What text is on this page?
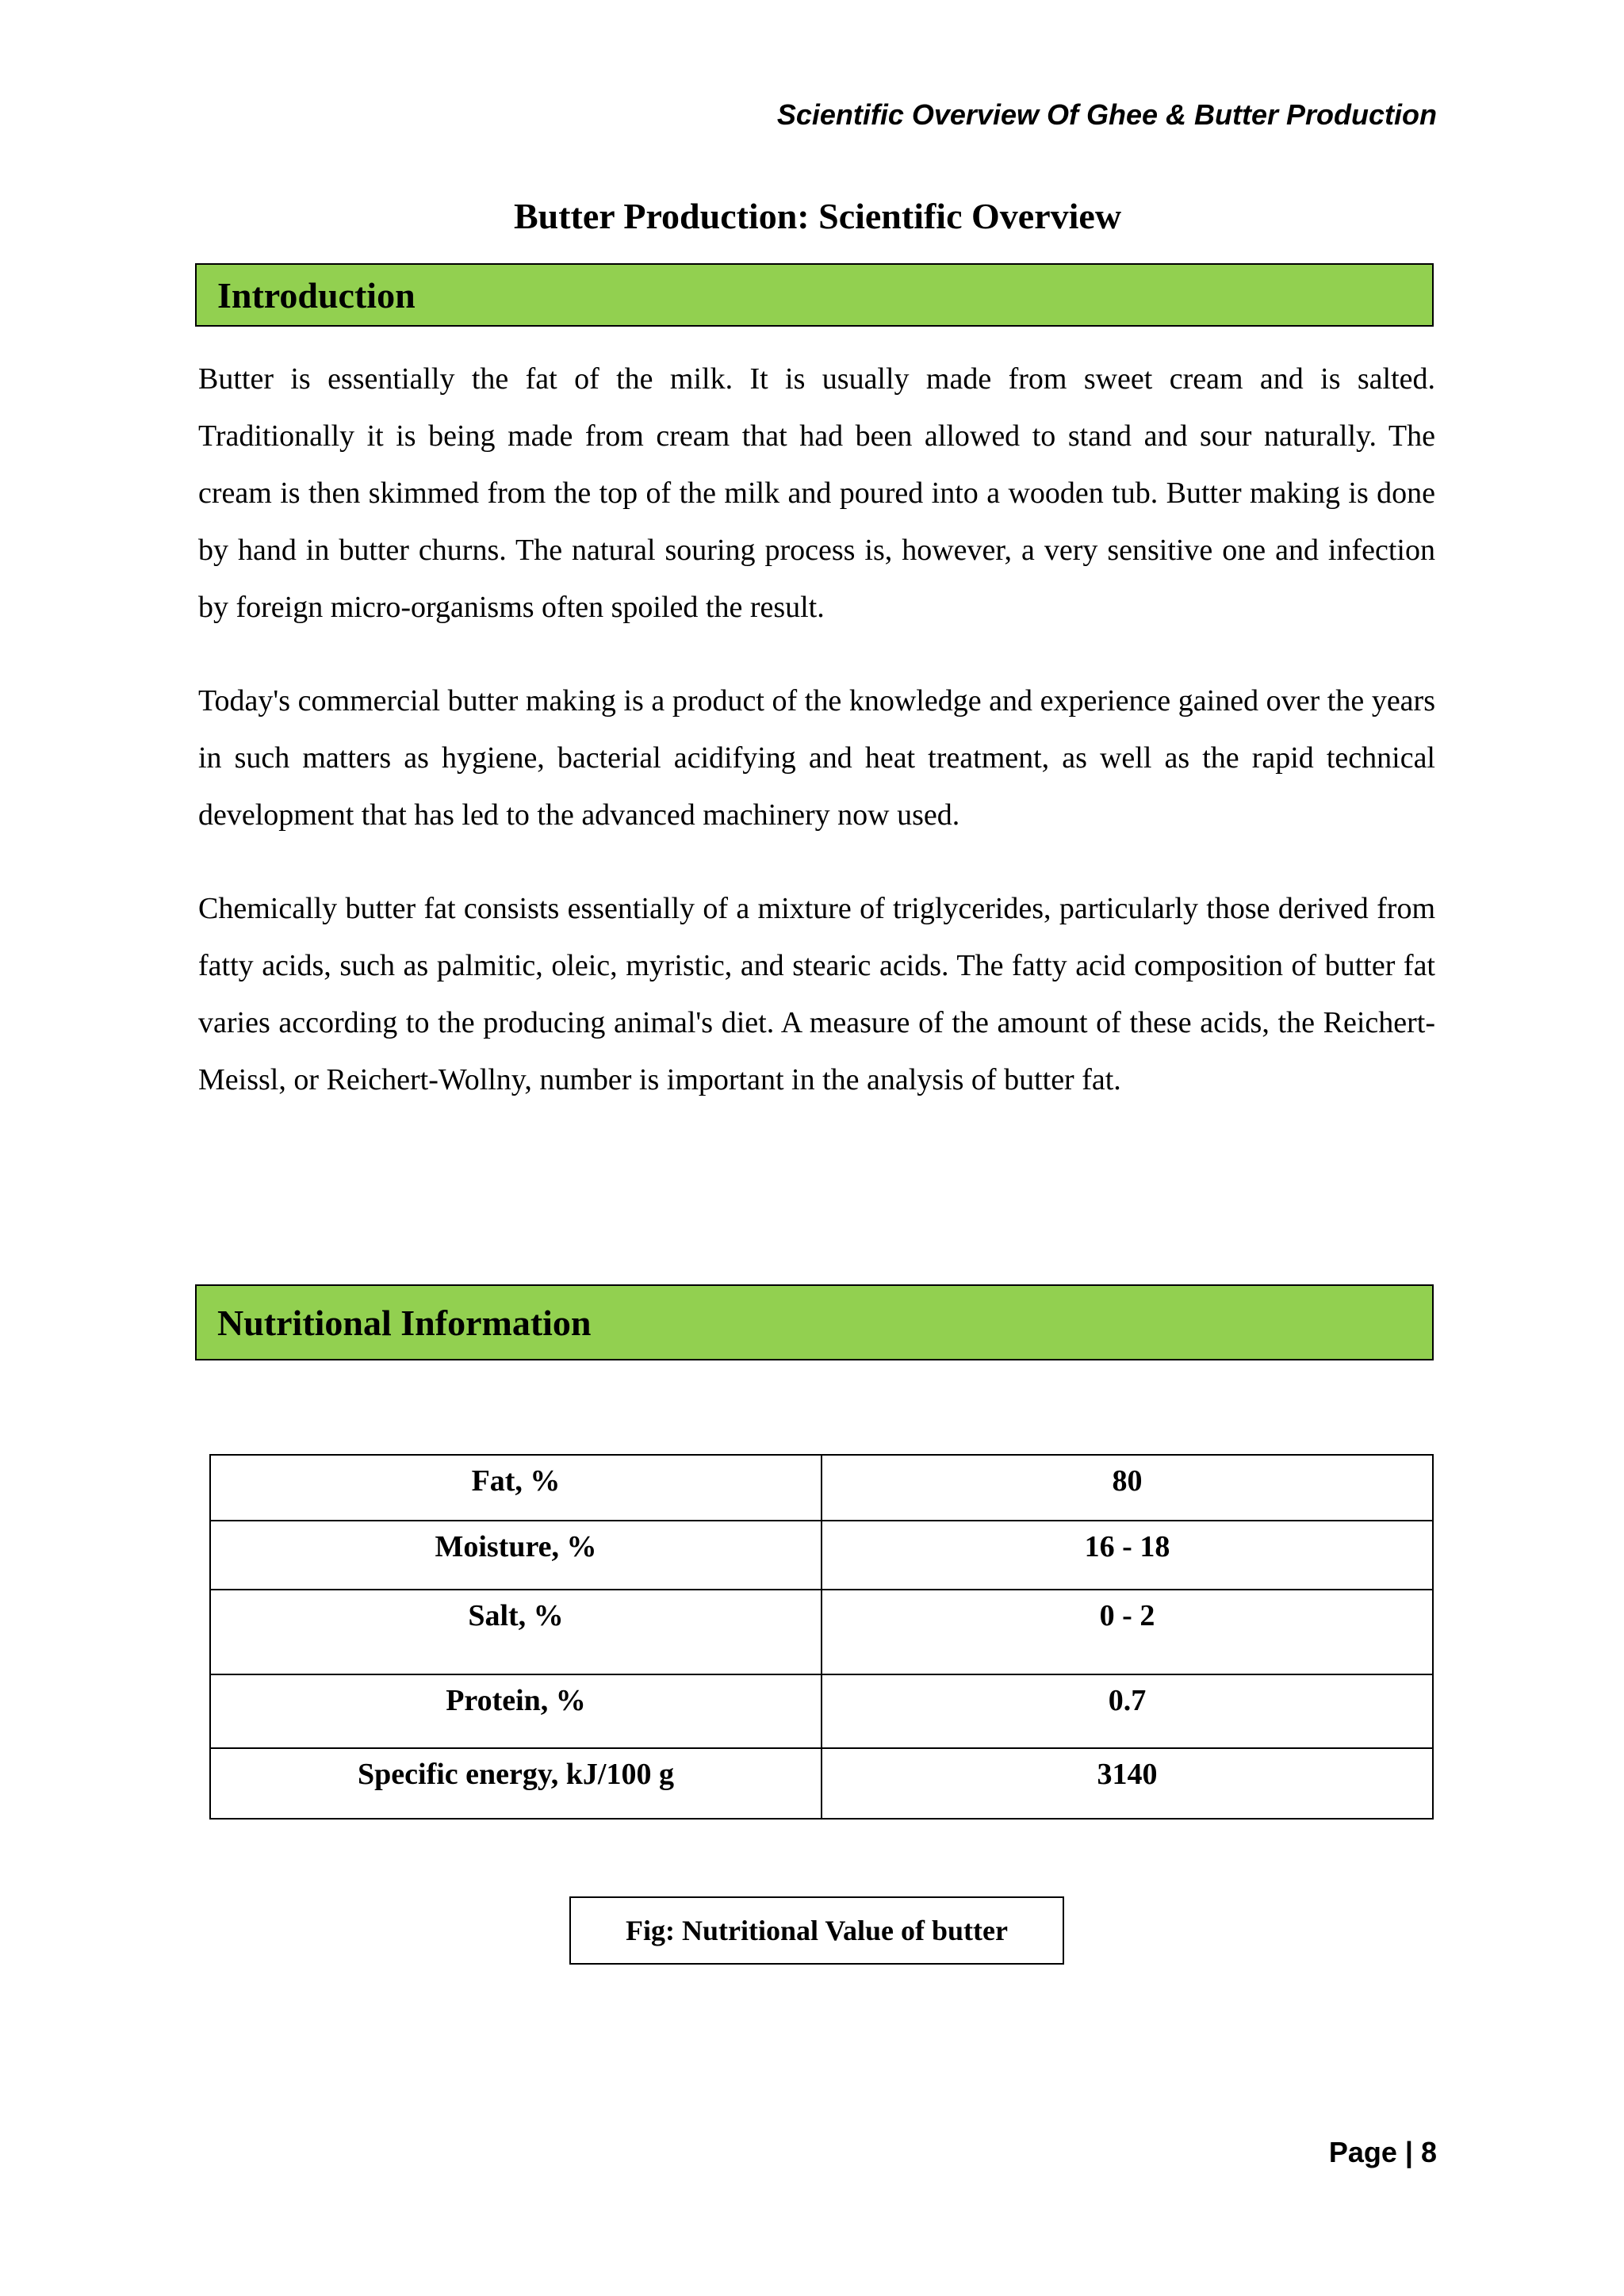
Scientific Overview Of Ghee & Butter Production
Butter Production: Scientific Overview
Introduction

Butter is essentially the fat of the milk. It is usually made from sweet cream and is salted. Traditionally it is being made from cream that had been allowed to stand and sour naturally. The cream is then skimmed from the top of the milk and poured into a wooden tub. Butter making is done by hand in butter churns. The natural souring process is, however, a very sensitive one and infection by foreign micro-organisms often spoiled the result.

Today's commercial butter making is a product of the knowledge and experience gained over the years in such matters as hygiene, bacterial acidifying and heat treatment, as well as the rapid technical development that has led to the advanced machinery now used.

Chemically butter fat consists essentially of a mixture of triglycerides, particularly those derived from fatty acids, such as palmitic, oleic, myristic, and stearic acids. The fatty acid composition of butter fat varies according to the producing animal's diet. A measure of the amount of these acids, the Reichert-Meissl, or Reichert-Wollny, number is important in the analysis of butter fat.

Nutritional Information
Fat, %	80
Moisture, %	16 - 18
Salt, %	0 - 2
Protein, %	0.7
Specific energy, kJ/100 g	3140
Fig: Nutritional Value of butter
Page | 8
